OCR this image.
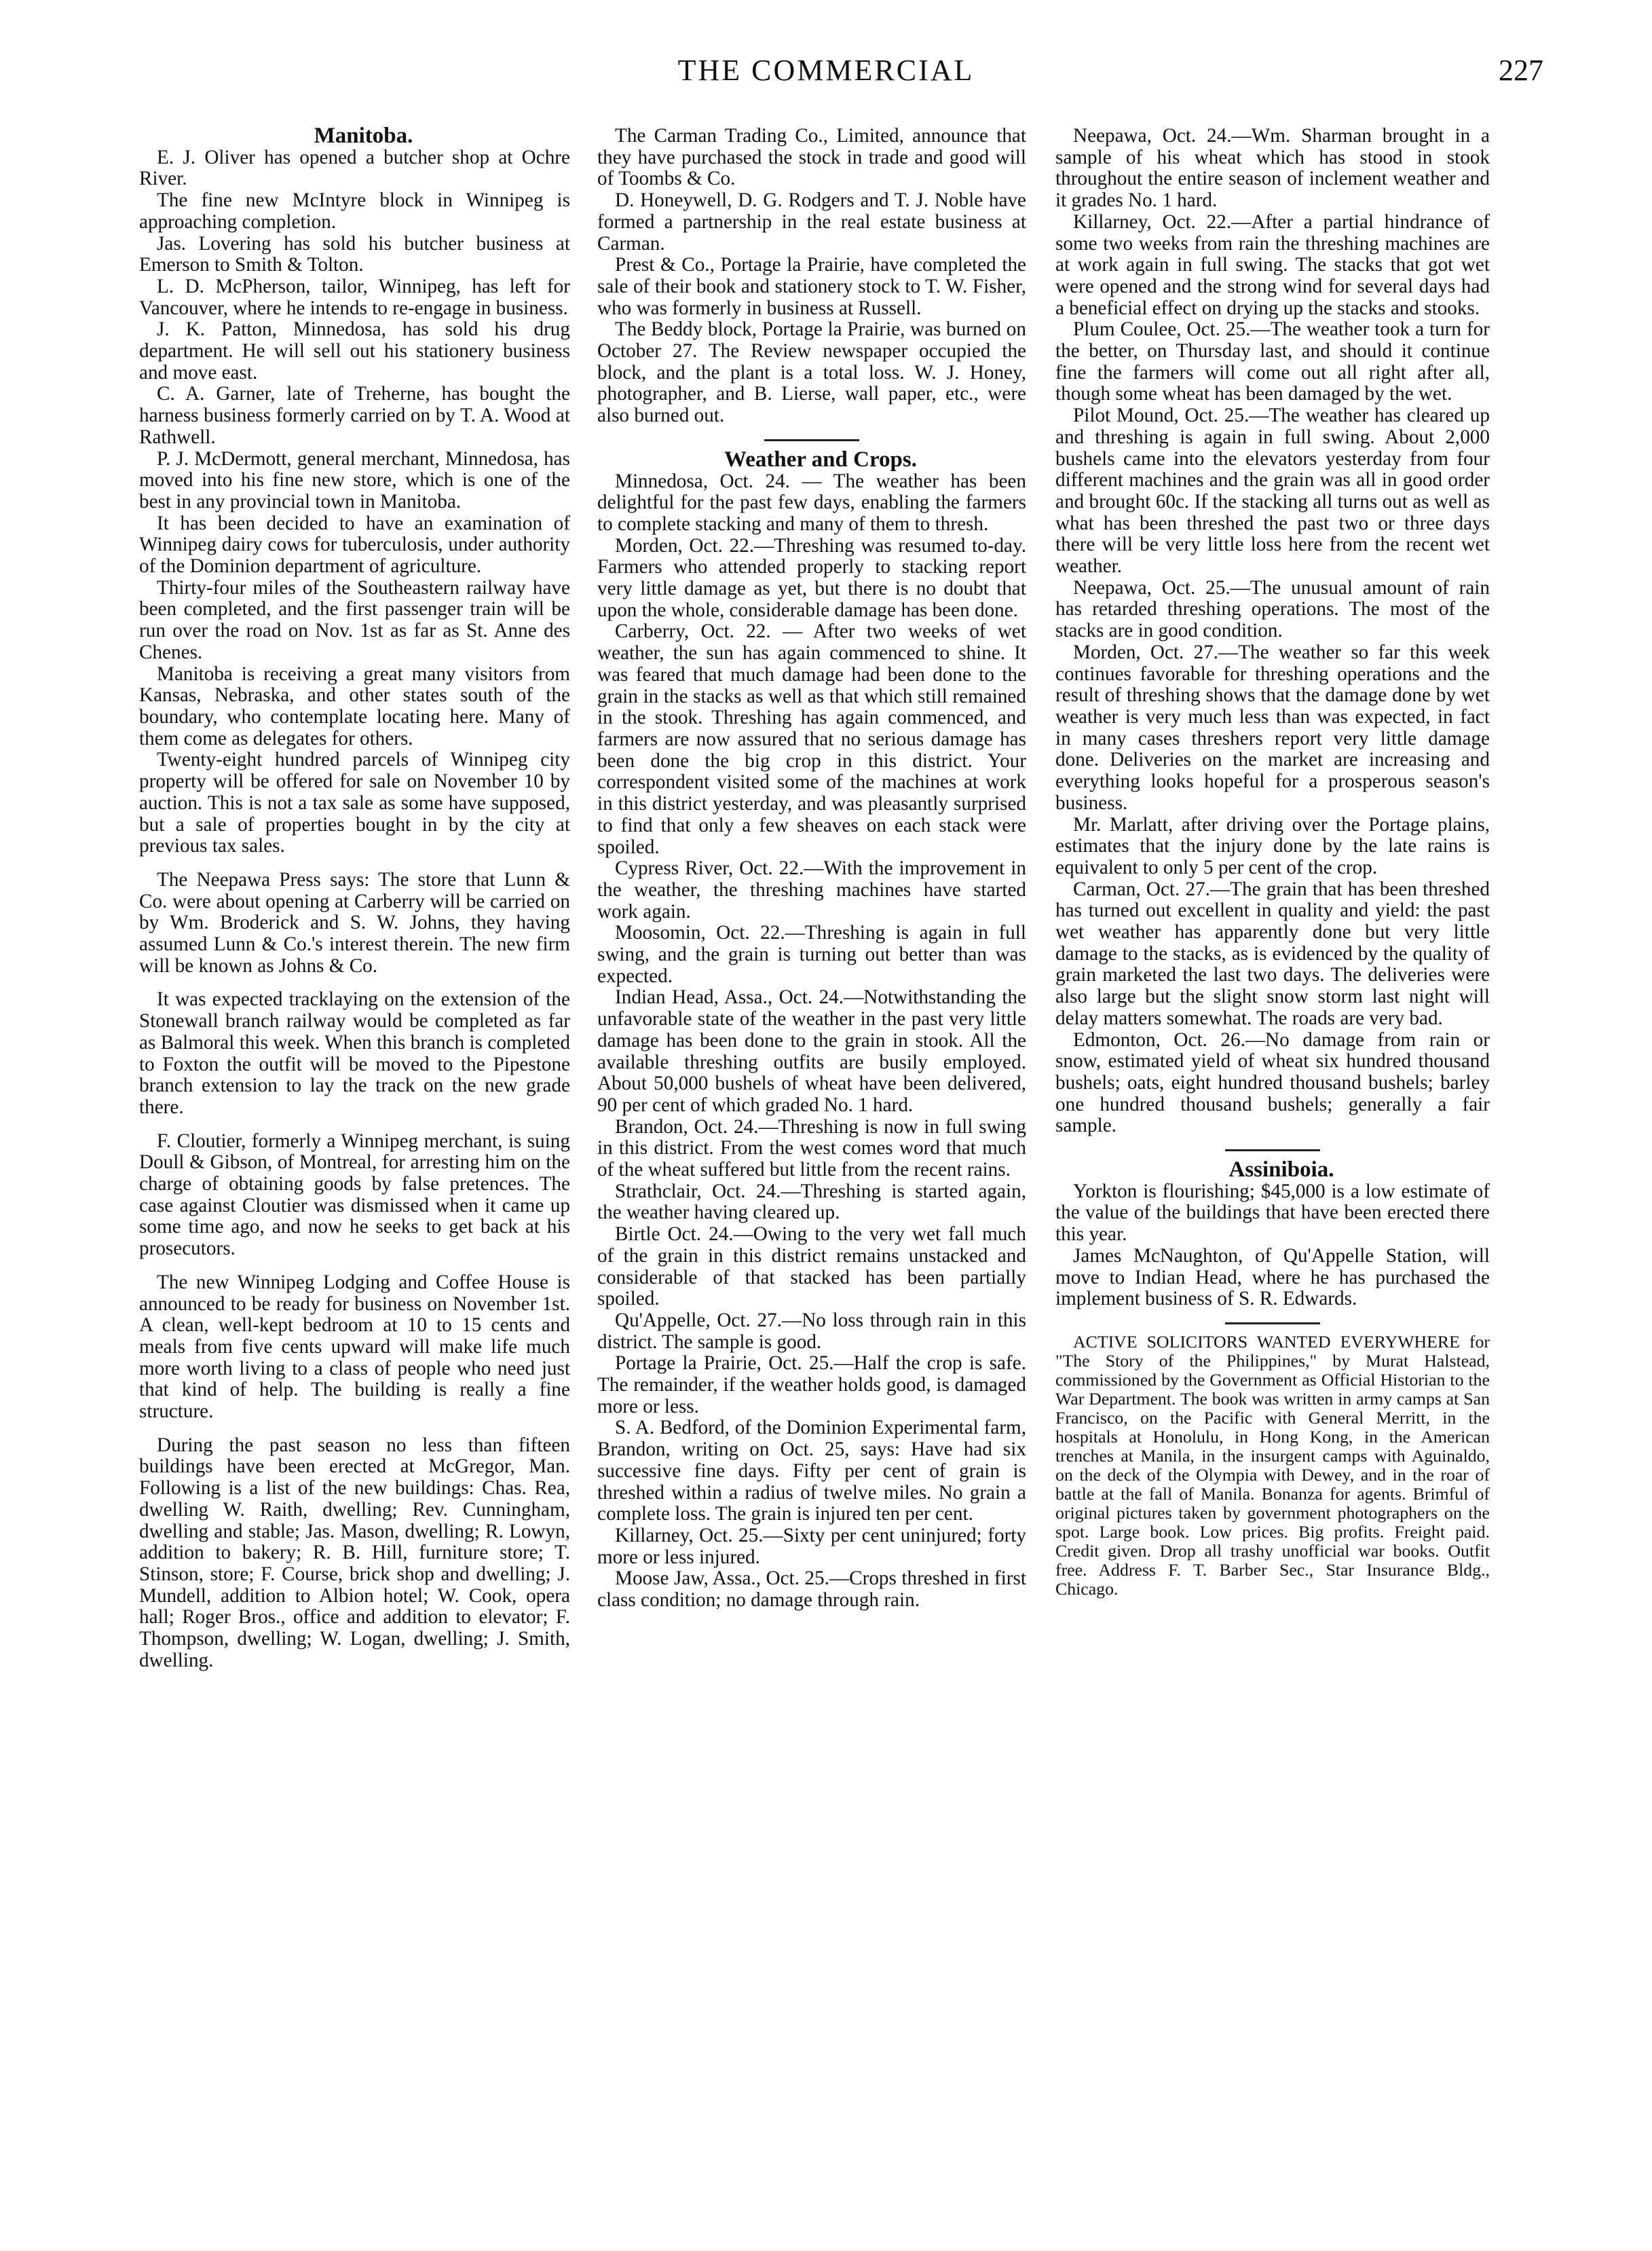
THE COMMERCIAL	227

Manitoba.

E. J. Oliver has opened a butcher shop at Ochre River.

The fine new McIntyre block in Winnipeg is approaching completion.

Jas. Lovering has sold his butcher business at Emerson to Smith & Tolton.

L. D. McPherson, tailor, Winnipeg, has left for Vancouver, where he intends to re-engage in business.

J. K. Patton, Minnedosa, has sold his drug department. He will sell out his stationery business and move east.

C. A. Garner, late of Treherne, has bought the harness business formerly carried on by T. A. Wood at Rathwell.

P. J. McDermott, general merchant, Minnedosa, has moved into his fine new store, which is one of the best in any provincial town in Manitoba.

It has been decided to have an examination of Winnipeg dairy cows for tuberculosis, under authority of the Dominion department of agriculture.

Thirty-four miles of the Southeastern railway have been completed, and the first passenger train will be run over the road on Nov. 1st as far as St. Anne des Chenes.

Manitoba is receiving a great many visitors from Kansas, Nebraska, and other states south of the boundary, who contemplate locating here. Many of them come as delegates for others.

Twenty-eight hundred parcels of Winnipeg city property will be offered for sale on November 10 by auction. This is not a tax sale as some have supposed, but a sale of properties bought in by the city at previous tax sales.

The Neepawa Press says: The store that Lunn & Co. were about opening at Carberry will be carried on by Wm. Broderick and S. W. Johns, they having assumed Lunn & Co.'s interest therein. The new firm will be known as Johns & Co.

It was expected tracklaying on the extension of the Stonewall branch railway would be completed as far as Balmoral this week. When this branch is completed to Foxton the outfit will be moved to the Pipestone branch extension to lay the track on the new grade there.

F. Cloutier, formerly a Winnipeg merchant, is suing Doull & Gibson, of Montreal, for arresting him on the charge of obtaining goods by false pretences. The case against Cloutier was dismissed when it came up some time ago, and now he seeks to get back at his prosecutors.

The new Winnipeg Lodging and Coffee House is announced to be ready for business on November 1st. A clean, well-kept bedroom at 10 to 15 cents and meals from five cents upward will make life much more worth living to a class of people who need just that kind of help. The building is really a fine structure.

During the past season no less than fifteen buildings have been erected at McGregor, Man. Following is a list of the new buildings: Chas. Rea, dwelling W. Raith, dwelling; Rev. Cunningham, dwelling and stable; Jas. Mason, dwelling; R. Lowyn, addition to bakery; R. B. Hill, furniture store; T. Stinson, store; F. Course, brick shop and dwelling; J. Mundell, addition to Albion hotel; W. Cook, opera hall; Roger Bros., office and addition to elevator; F. Thompson, dwelling; W. Logan, dwelling; J. Smith, dwelling.

The Carman Trading Co., Limited, announce that they have purchased the stock in trade and good will of Toombs & Co.

D. Honeywell, D. G. Rodgers and T. J. Noble have formed a partnership in the real estate business at Carman.

Prest & Co., Portage la Prairie, have completed the sale of their book and stationery stock to T. W. Fisher, who was formerly in business at Russell.

The Beddy block, Portage la Prairie, was burned on October 27. The Review newspaper occupied the block, and the plant is a total loss. W. J. Honey, photographer, and B. Lierse, wall paper, etc., were also burned out.

Weather and Crops.

Minnedosa, Oct. 24. — The weather has been delightful for the past few days, enabling the farmers to complete stacking and many of them to thresh.

Morden, Oct. 22.—Threshing was resumed to-day. Farmers who attended properly to stacking report very little damage as yet, but there is no doubt that upon the whole, considerable damage has been done.

Carberry, Oct. 22. — After two weeks of wet weather, the sun has again commenced to shine. It was feared that much damage had been done to the grain in the stacks as well as that which still remained in the stook. Threshing has again commenced, and farmers are now assured that no serious damage has been done the big crop in this district. Your correspondent visited some of the machines at work in this district yesterday, and was pleasantly surprised to find that only a few sheaves on each stack were spoiled.

Cypress River, Oct. 22.—With the improvement in the weather, the threshing machines have started work again.

Moosomin, Oct. 22.—Threshing is again in full swing, and the grain is turning out better than was expected.

Indian Head, Assa., Oct. 24.—Notwithstanding the unfavorable state of the weather in the past very little damage has been done to the grain in stook. All the available threshing outfits are busily employed. About 50,000 bushels of wheat have been delivered, 90 per cent of which graded No. 1 hard.

Brandon, Oct. 24.—Threshing is now in full swing in this district. From the west comes word that much of the wheat suffered but little from the recent rains.

Strathclair, Oct. 24.—Threshing is started again, the weather having cleared up.

Birtle Oct. 24.—Owing to the very wet fall much of the grain in this district remains unstacked and considerable of that stacked has been partially spoiled.

Qu'Appelle, Oct. 27.—No loss through rain in this district. The sample is good.

Portage la Prairie, Oct. 25.—Half the crop is safe. The remainder, if the weather holds good, is damaged more or less.

S. A. Bedford, of the Dominion Experimental farm, Brandon, writing on Oct. 25, says: Have had six successive fine days. Fifty per cent of grain is threshed within a radius of twelve miles. No grain a complete loss. The grain is injured ten per cent.

Killarney, Oct. 25.—Sixty per cent uninjured; forty more or less injured.

Moose Jaw, Assa., Oct. 25.—Crops threshed in first class condition; no damage through rain.

Neepawa, Oct. 24.—Wm. Sharman brought in a sample of his wheat which has stood in stook throughout the entire season of inclement weather and it grades No. 1 hard.

Killarney, Oct. 22.—After a partial hindrance of some two weeks from rain the threshing machines are at work again in full swing. The stacks that got wet were opened and the strong wind for several days had a beneficial effect on drying up the stacks and stooks.

Plum Coulee, Oct. 25.—The weather took a turn for the better, on Thursday last, and should it continue fine the farmers will come out all right after all, though some wheat has been damaged by the wet.

Pilot Mound, Oct. 25.—The weather has cleared up and threshing is again in full swing. About 2,000 bushels came into the elevators yesterday from four different machines and the grain was all in good order and brought 60c. If the stacking all turns out as well as what has been threshed the past two or three days there will be very little loss here from the recent wet weather.

Neepawa, Oct. 25.—The unusual amount of rain has retarded threshing operations. The most of the stacks are in good condition.

Morden, Oct. 27.—The weather so far this week continues favorable for threshing operations and the result of threshing shows that the damage done by wet weather is very much less than was expected, in fact in many cases threshers report very little damage done. Deliveries on the market are increasing and everything looks hopeful for a prosperous season's business.

Mr. Marlatt, after driving over the Portage plains, estimates that the injury done by the late rains is equivalent to only 5 per cent of the crop.

Carman, Oct. 27.—The grain that has been threshed has turned out excellent in quality and yield: the past wet weather has apparently done but very little damage to the stacks, as is evidenced by the quality of grain marketed the last two days. The deliveries were also large but the slight snow storm last night will delay matters somewhat. The roads are very bad.

Edmonton, Oct. 26.—No damage from rain or snow, estimated yield of wheat six hundred thousand bushels; oats, eight hundred thousand bushels; barley one hundred thousand bushels; generally a fair sample.

Assiniboia.

Yorkton is flourishing; $45,000 is a low estimate of the value of the buildings that have been erected there this year.

James McNaughton, of Qu'Appelle Station, will move to Indian Head, where he has purchased the implement business of S. R. Edwards.

ACTIVE SOLICITORS WANTED EVERYWHERE for "The Story of the Philippines," by Murat Halstead, commissioned by the Government as Official Historian to the War Department. The book was written in army camps at San Francisco, on the Pacific with General Merritt, in the hospitals at Honolulu, in Hong Kong, in the American trenches at Manila, in the insurgent camps with Aguinaldo, on the deck of the Olympia with Dewey, and in the roar of battle at the fall of Manila. Bonanza for agents. Brimful of original pictures taken by government photographers on the spot. Large book. Low prices. Big profits. Freight paid. Credit given. Drop all trashy unofficial war books. Outfit free. Address F. T. Barber Sec., Star Insurance Bldg., Chicago.
